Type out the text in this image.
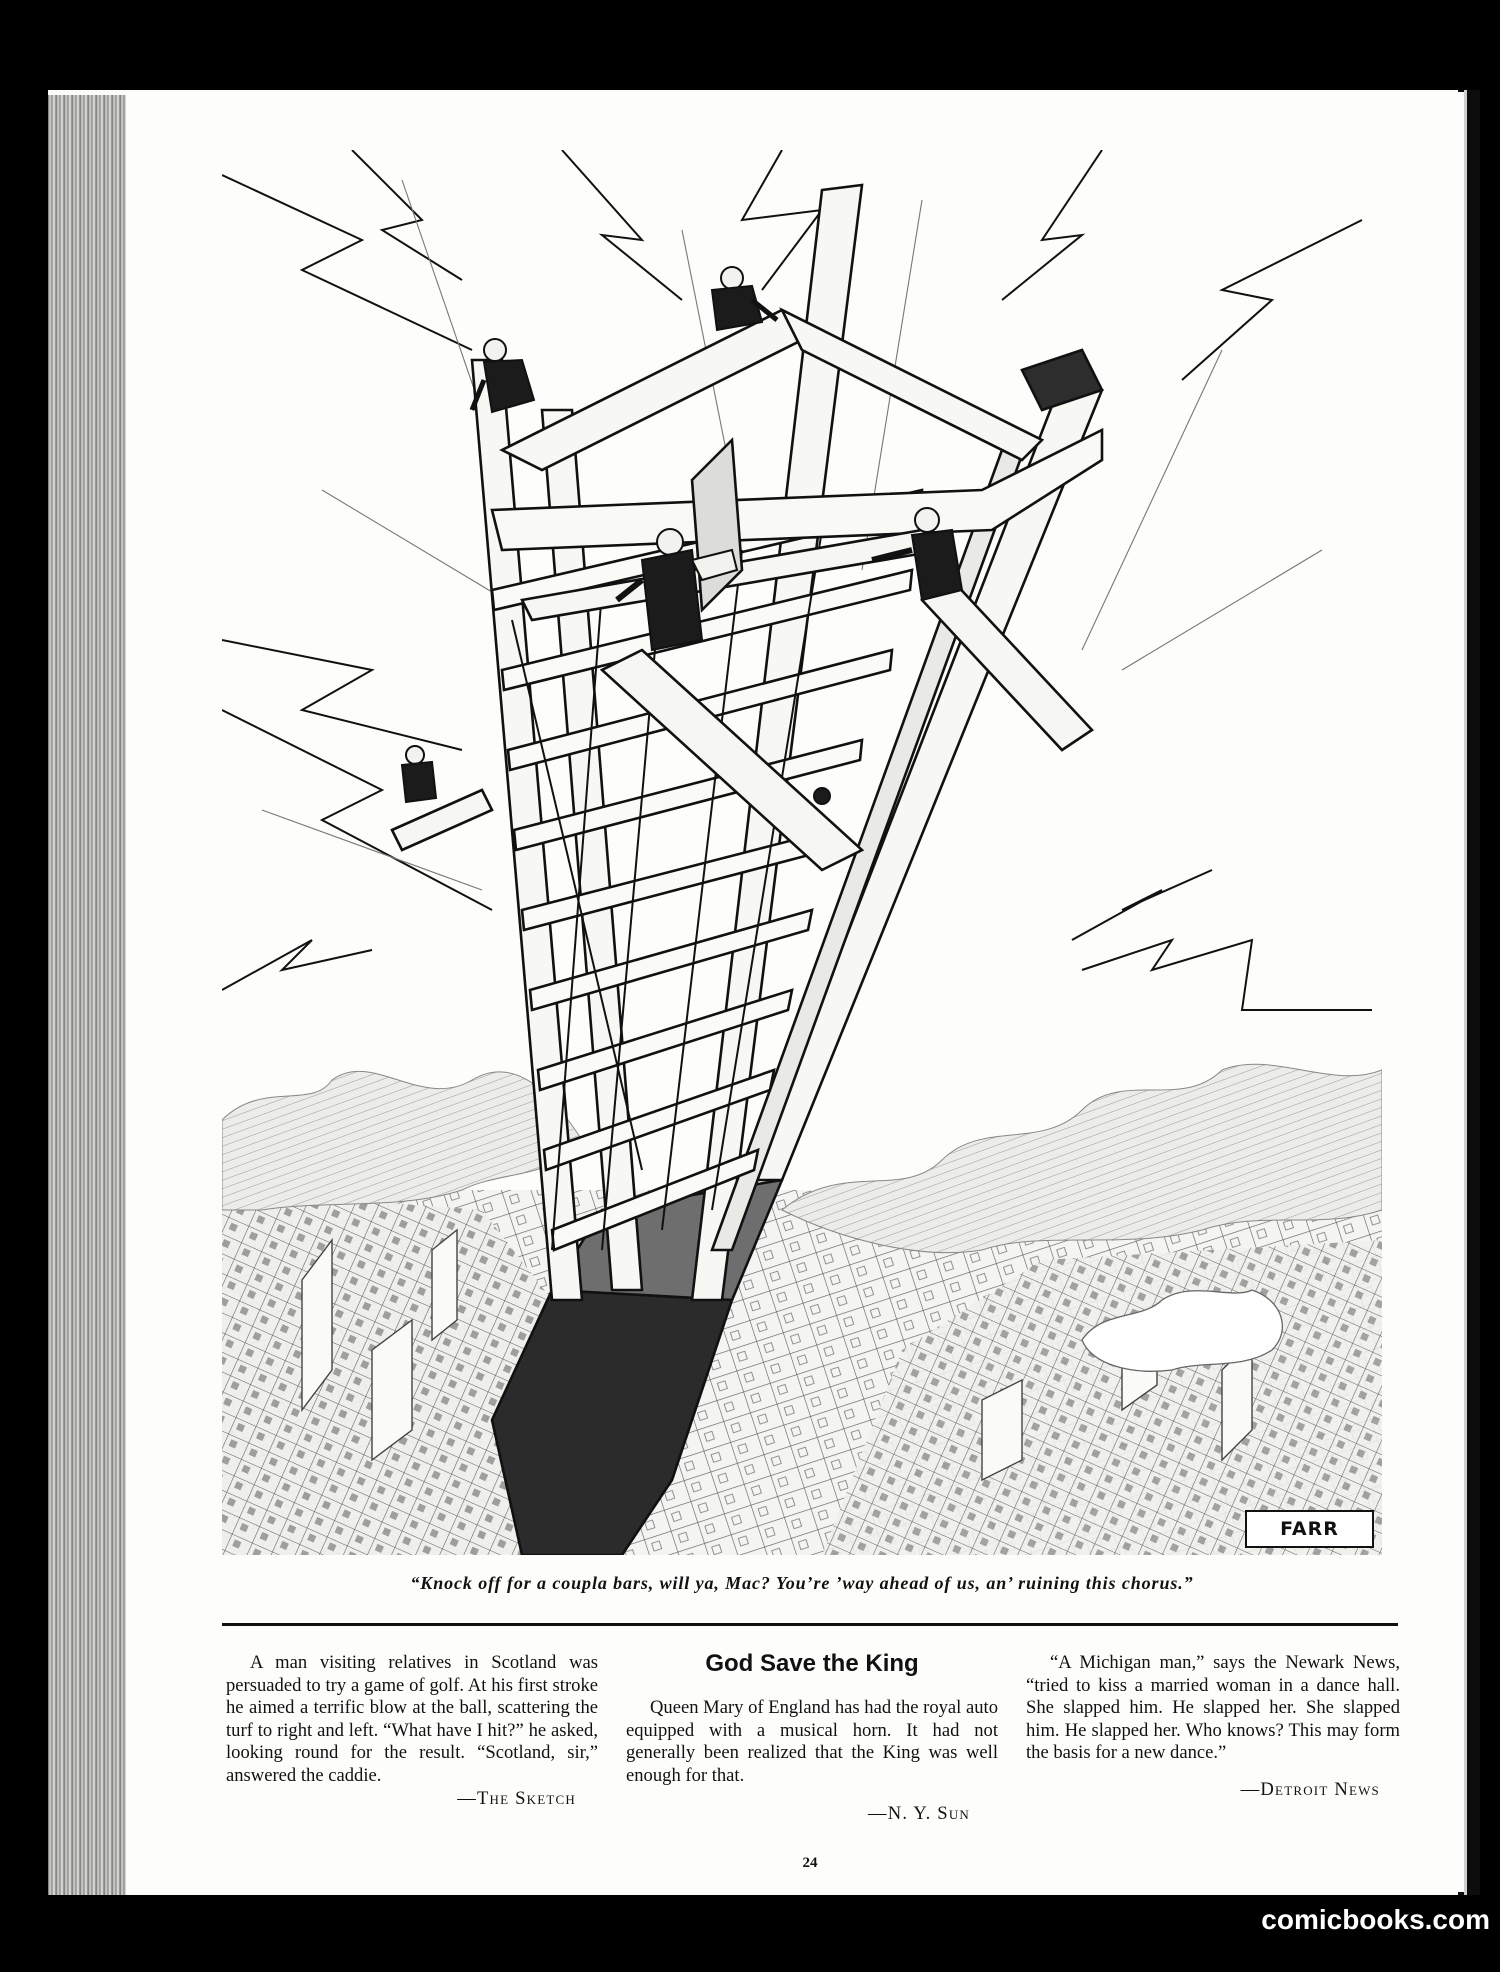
FARR
“Knock off for a coupla bars, will ya, Mac? You’re ’way ahead of us, an’ ruining this chorus.”

A man visiting relatives in Scotland was persuaded to try a game of golf. At his first stroke he aimed a terrific blow at the ball, scattering the turf to right and left. “What have I hit?” he asked, looking round for the result. “Scotland, sir,” answered the caddie.

—The Sketch
God Save the King

Queen Mary of England has had the royal auto equipped with a musical horn. It had not generally been realized that the King was well enough for that.

—N. Y. Sun

“A Michigan man,” says the Newark News, “tried to kiss a married woman in a dance hall. She slapped him. He slapped her. She slapped him. He slapped her. Who knows? This may form the basis for a new dance.”

—Detroit News
24
comicbooks.com
